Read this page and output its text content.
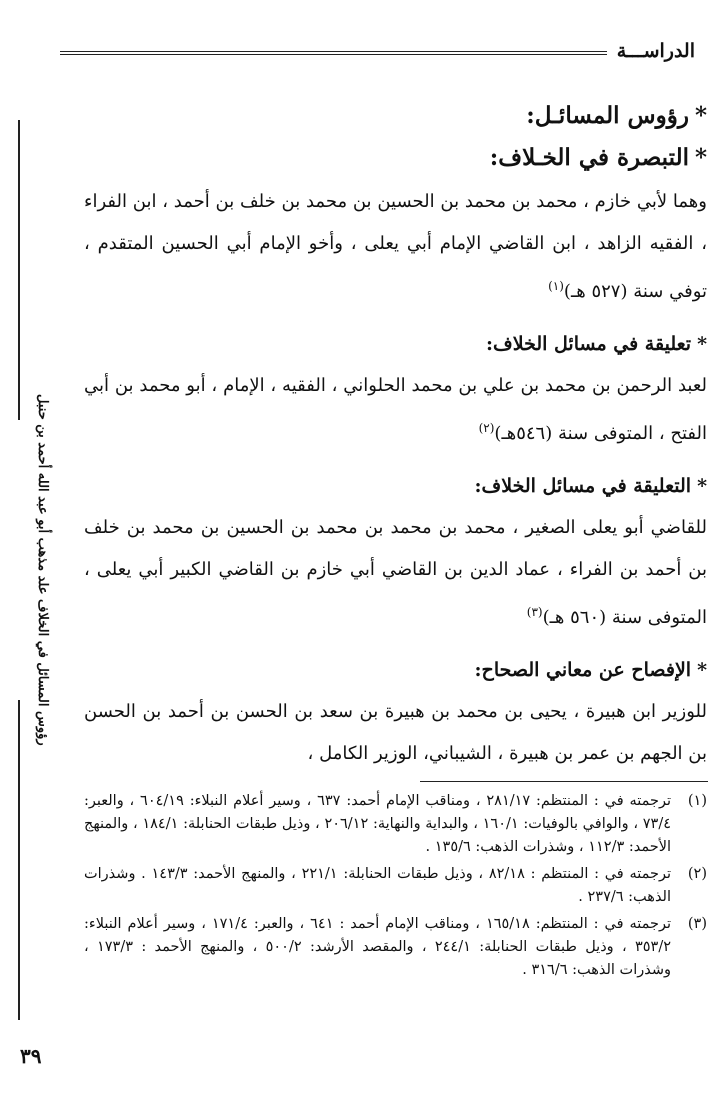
الدراســـة
رؤوس المسائل في الخلاف علد مذهب أبو عبد الله أحمد بن حنبل
*رؤوس المسائـل:
*التبصرة في الخـلاف:

وهما لأبي خازم ، محمد بن محمد بن الحسين بن محمد بن خلف بن أحمد ، ابن الفراء ، الفقيه الزاهد ، ابن القاضي الإمام أبي يعلى ، وأخو الإمام أبي الحسين المتقدم ، توفي سنة (٥٢٧ هـ)$^{(١)}$

*تعليقة في مسائل الخلاف:

لعبد الرحمن بن محمد بن علي بن محمد الحلواني ، الفقيه ، الإمام ، أبو محمد بن أبي الفتح ، المتوفى سنة (٥٤٦هـ)$^{(٢)}$

*التعليقة في مسائل الخلاف:

للقاضي أبو يعلى الصغير ، محمد بن محمد بن محمد بن الحسين بن محمد بن خلف بن أحمد بن الفراء ، عماد الدين بن القاضي أبي خازم بن القاضي الكبير أبي يعلى ، المتوفى سنة (٥٦٠ هـ)$^{(٣)}$

*الإفصاح عن معاني الصحاح:

للوزير ابن هبيرة ، يحيى بن محمد بن هبيرة بن سعد بن الحسن بن أحمد بن الحسن بن الجهم بن عمر بن هبيرة ، الشيباني، الوزير الكامل ،

(١)
ترجمته في : المنتظم: ٢٨١/١٧ ، ومناقب الإمام أحمد: ٦٣٧ ، وسير أعلام النبلاء: ٦٠٤/١٩ ، والعبر: ٧٣/٤ ، والوافي بالوفيات: ١٦٠/١ ، والبداية والنهاية: ٢٠٦/١٢ ، وذيل طبقات الحنابلة: ١٨٤/١ ، والمنهج الأحمد: ١١٢/٣ ، وشذرات الذهب: ١٣٥/٦ .
(٢)
ترجمته في : المنتظم : ٨٢/١٨ ، وذيل طبقات الحنابلة: ٢٢١/١ ، والمنهج الأحمد: ١٤٣/٣ . وشذرات الذهب: ٢٣٧/٦ .
(٣)
ترجمته في : المنتظم: ١٦٥/١٨ ، ومناقب الإمام أحمد : ٦٤١ ، والعبر: ١٧١/٤ ، وسير أعلام النبلاء: ٣٥٣/٢ ، وذيل طبقات الحنابلة: ٢٤٤/١ ، والمقصد الأرشد: ٥٠٠/٢ ، والمنهج الأحمد : ١٧٣/٣ ، وشذرات الذهب: ٣١٦/٦ .
٣٩
